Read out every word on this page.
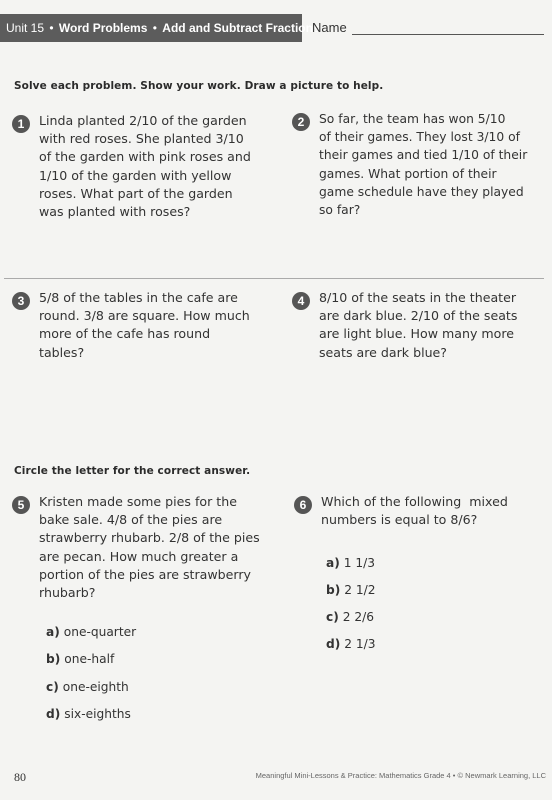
Unit 15 • Word Problems • Add and Subtract Fractions
Name
Solve each problem. Show your work. Draw a picture to help.
1	Linda planted 2/10 of the garden
with red roses. She planted 3/10
of the garden with pink roses and
1/10 of the garden with yellow
roses. What part of the garden
was planted with roses?
2	So far, the team has won 5/10
of their games. They lost 3/10 of
their games and tied 1/10 of their
games. What portion of their
game schedule have they played
so far?
3	5/8 of the tables in the cafe are
round. 3/8 are square. How much
more of the cafe has round
tables?
4	8/10 of the seats in the theater
are dark blue. 2/10 of the seats
are light blue. How many more
seats are dark blue?
Circle the letter for the correct answer.
5	Kristen made some pies for the
bake sale. 4/8 of the pies are
strawberry rhubarb. 2/8 of the pies
are pecan. How much greater a
portion of the pies are strawberry
rhubarb?
a) one-quarter
b) one-half
c) one-eighth
d) six-eighths
6	Which of the following  mixed
numbers is equal to 8/6?
a) 1 1/3
b) 2 1/2
c) 2 2/6
d) 2 1/3
80	Meaningful Mini-Lessons & Practice: Mathematics Grade 4 • © Newmark Learning, LLC
